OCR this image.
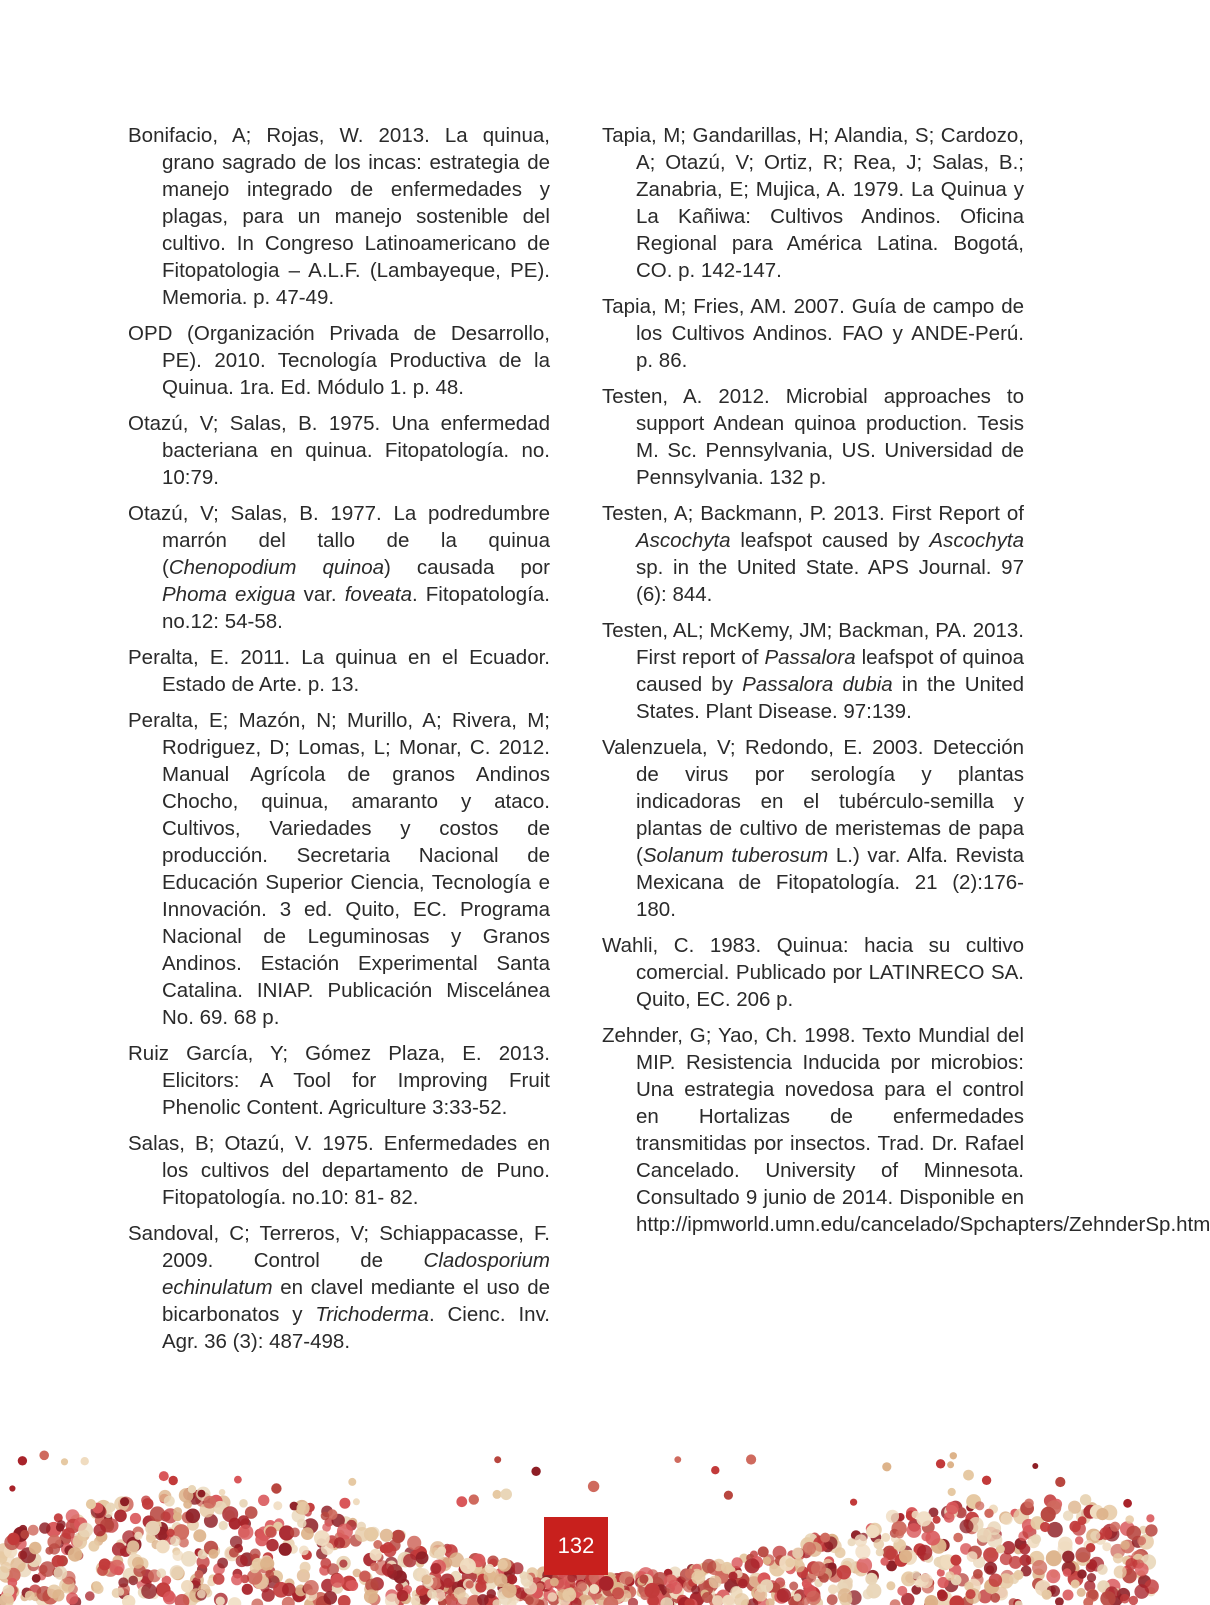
Bonifacio, A; Rojas, W. 2013. La quinua, grano sagrado de los incas: estrategia de manejo integrado de enfermedades y plagas, para un manejo sostenible del cultivo. In Congreso Latinoamericano de Fitopatologia – A.L.F. (Lambayeque, PE). Memoria. p. 47-49.

OPD (Organización Privada de Desarrollo, PE). 2010. Tecnología Productiva de la Quinua. 1ra. Ed. Módulo 1. p. 48.

Otazú, V; Salas, B. 1975. Una enfermedad bacteriana en quinua. Fitopatología. no. 10:79.

Otazú, V; Salas, B. 1977. La podredumbre marrón del tallo de la quinua (Chenopodium quinoa) causada por Phoma exigua var. foveata. Fitopatología. no.12: 54-58.

Peralta, E. 2011. La quinua en el Ecuador. Estado de Arte. p. 13.

Peralta, E; Mazón, N; Murillo, A; Rivera, M; Rodriguez, D; Lomas, L; Monar, C. 2012. Manual Agrícola de granos Andinos Chocho, quinua, amaranto y ataco. Cultivos, Variedades y costos de producción. Secretaria Nacional de Educación Superior Ciencia, Tecnología e Innovación. 3 ed. Quito, EC. Programa Nacional de Leguminosas y Granos Andinos. Estación Experimental Santa Catalina. INIAP. Publicación Miscelánea No. 69. 68 p.

Ruiz García, Y; Gómez Plaza, E. 2013. Elicitors: A Tool for Improving Fruit Phenolic Content. Agriculture 3:33-52.

Salas, B; Otazú, V. 1975. Enfermedades en los cultivos del departamento de Puno. Fitopatología. no.10: 81- 82.

Sandoval, C; Terreros, V; Schiappacasse, F. 2009. Control de Cladosporium echinulatum en clavel mediante el uso de bicarbonatos y Trichoderma. Cienc. Inv. Agr. 36 (3): 487-498.

Tapia, M; Gandarillas, H; Alandia, S; Cardozo, A; Otazú, V; Ortiz, R; Rea, J; Salas, B.; Zanabria, E; Mujica, A. 1979. La Quinua y La Kañiwa: Cultivos Andinos. Oficina Regional para América Latina. Bogotá, CO. p. 142-147.

Tapia, M; Fries, AM. 2007. Guía de campo de los Cultivos Andinos. FAO y ANDE-Perú. p. 86.

Testen, A. 2012. Microbial approaches to support Andean quinoa production. Tesis M. Sc. Pennsylvania, US. Universidad de Pennsylvania. 132 p.

Testen, A; Backmann, P. 2013. First Report of Ascochyta leafspot caused by Ascochyta sp. in the United State. APS Journal. 97 (6): 844.

Testen, AL; McKemy, JM; Backman, PA. 2013. First report of Passalora leafspot of quinoa caused by Passalora dubia in the United States. Plant Disease. 97:139.

Valenzuela, V; Redondo, E. 2003. Detección de virus por serología y plantas indicadoras en el tubérculo-semilla y plantas de cultivo de meristemas de papa (Solanum tuberosum L.) var. Alfa. Revista Mexicana de Fitopatología. 21 (2):176-180.

Wahli, C. 1983. Quinua: hacia su cultivo comercial. Publicado por LATINRECO SA. Quito, EC. 206 p.

Zehnder, G; Yao, Ch. 1998. Texto Mundial del MIP. Resistencia Inducida por microbios: Una estrategia novedosa para el control en Hortalizas de enfermedades transmitidas por insectos. Trad. Dr. Rafael Cancelado. University of Minnesota. Consultado 9 junio de 2014. Disponible en http://ipmworld.umn.edu/cancelado/Spchapters/ZehnderSp.htm

132
